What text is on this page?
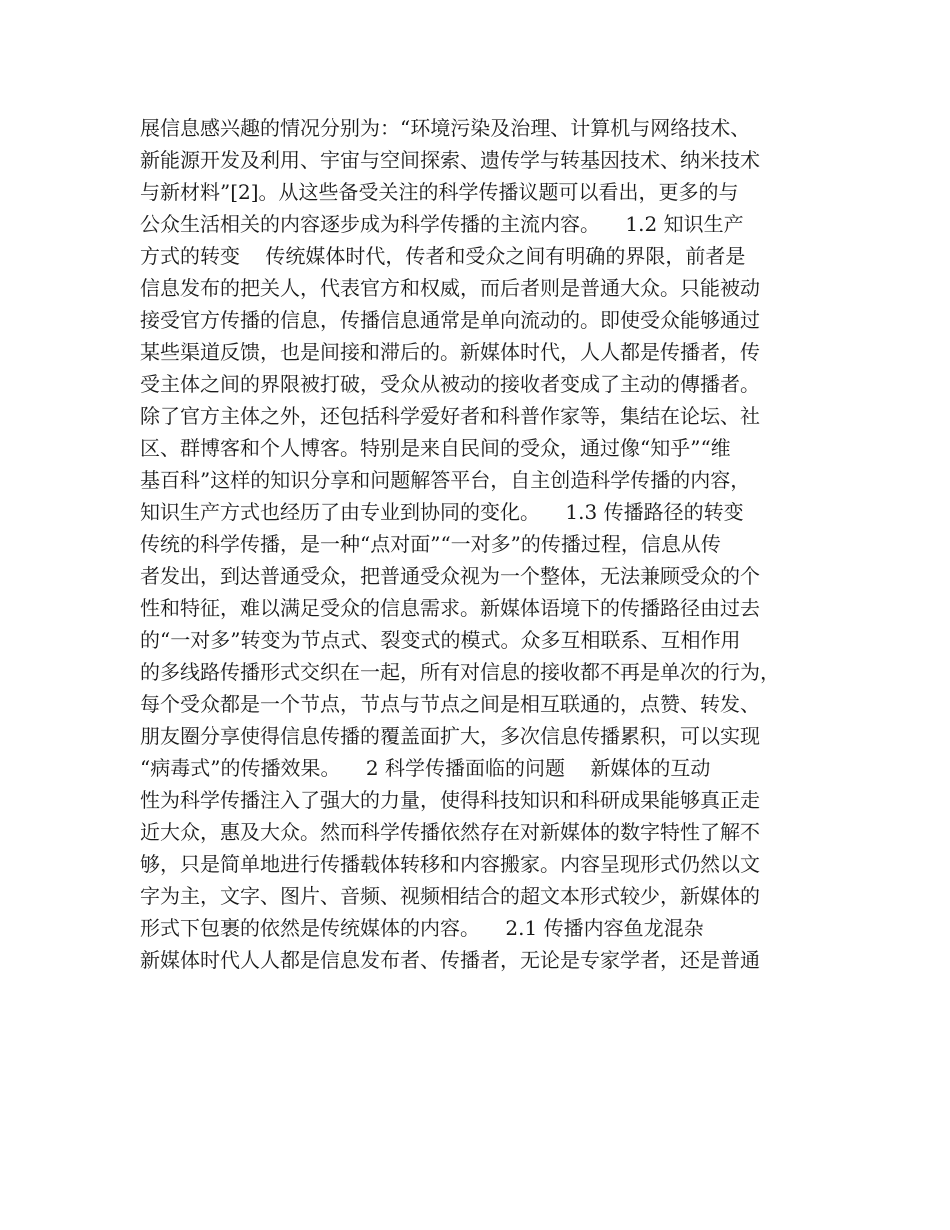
展信息感兴趣的情况分别为：“环境污染及治理、计算机与网络技术、
新能源开发及利用、宇宙与空间探索、遗传学与转基因技术、纳米技术
与新材料”[2]。从这些备受关注的科学传播议题可以看出，更多的与
公众生活相关的内容逐步成为科学传播的主流内容。    1.2 知识生产
方式的转变    传统媒体时代，传者和受众之间有明确的界限，前者是
信息发布的把关人，代表官方和权威，而后者则是普通大众。只能被动
接受官方传播的信息，传播信息通常是单向流动的。即使受众能够通过
某些渠道反馈，也是间接和滞后的。新媒体时代，人人都是传播者，传
受主体之间的界限被打破，受众从被动的接收者变成了主动的傳播者。
除了官方主体之外，还包括科学爱好者和科普作家等，集结在论坛、社
区、群博客和个人博客。特别是来自民间的受众，通过像“知乎”“维
基百科”这样的知识分享和问题解答平台，自主创造科学传播的内容，
知识生产方式也经历了由专业到协同的变化。    1.3 传播路径的转变
传统的科学传播，是一种“点对面”“一对多”的传播过程，信息从传
者发出，到达普通受众，把普通受众视为一个整体，无法兼顾受众的个
性和特征，难以满足受众的信息需求。新媒体语境下的传播路径由过去
的“一对多”转变为节点式、裂变式的模式。众多互相联系、互相作用
的多线路传播形式交织在一起，所有对信息的接收都不再是单次的行为，
每个受众都是一个节点，节点与节点之间是相互联通的，点赞、转发、
朋友圈分享使得信息传播的覆盖面扩大，多次信息传播累积，可以实现
“病毒式”的传播效果。    2 科学传播面临的问题    新媒体的互动
性为科学传播注入了强大的力量，使得科技知识和科研成果能够真正走
近大众，惠及大众。然而科学传播依然存在对新媒体的数字特性了解不
够，只是简单地进行传播载体转移和内容搬家。内容呈现形式仍然以文
字为主，文字、图片、音频、视频相结合的超文本形式较少，新媒体的
形式下包裹的依然是传统媒体的内容。    2.1 传播内容鱼龙混杂
新媒体时代人人都是信息发布者、传播者，无论是专家学者，还是普通
